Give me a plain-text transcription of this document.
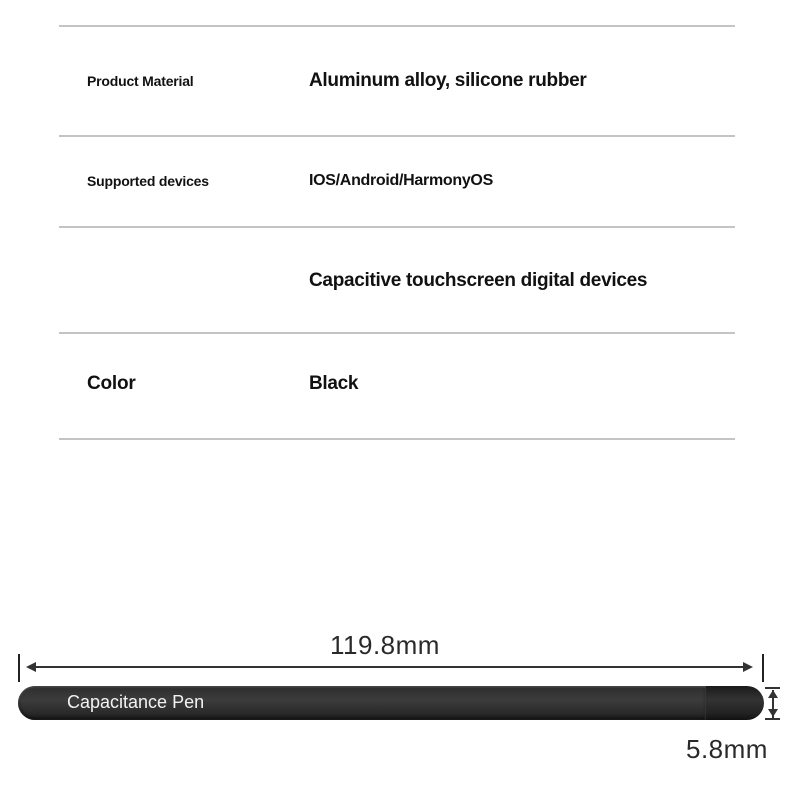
Product Material	Aluminum alloy, silicone rubber
Supported devices	IOS/Android/HarmonyOS
Capacitive touchscreen digital devices
Color	Black
119.8mm
Capacitance Pen
5.8mm
